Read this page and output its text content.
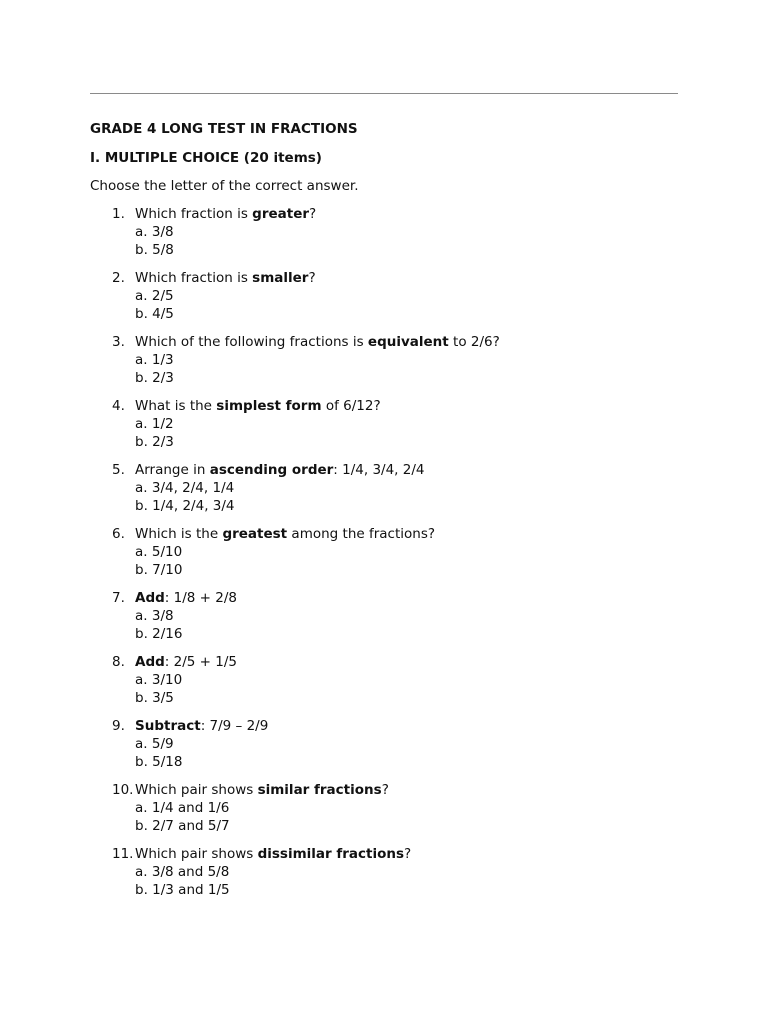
GRADE 4 LONG TEST IN FRACTIONS
I. MULTIPLE CHOICE (20 items)
Choose the letter of the correct answer.
1. Which fraction is greater?
a. 3/8
b. 5/8
2. Which fraction is smaller?
a. 2/5
b. 4/5
3. Which of the following fractions is equivalent to 2/6?
a. 1/3
b. 2/3
4. What is the simplest form of 6/12?
a. 1/2
b. 2/3
5. Arrange in ascending order: 1/4, 3/4, 2/4
a. 3/4, 2/4, 1/4
b. 1/4, 2/4, 3/4
6. Which is the greatest among the fractions?
a. 5/10
b. 7/10
7. Add: 1/8 + 2/8
a. 3/8
b. 2/16
8. Add: 2/5 + 1/5
a. 3/10
b. 3/5
9. Subtract: 7/9 – 2/9
a. 5/9
b. 5/18
10. Which pair shows similar fractions?
a. 1/4 and 1/6
b. 2/7 and 5/7
11. Which pair shows dissimilar fractions?
a. 3/8 and 5/8
b. 1/3 and 1/5
